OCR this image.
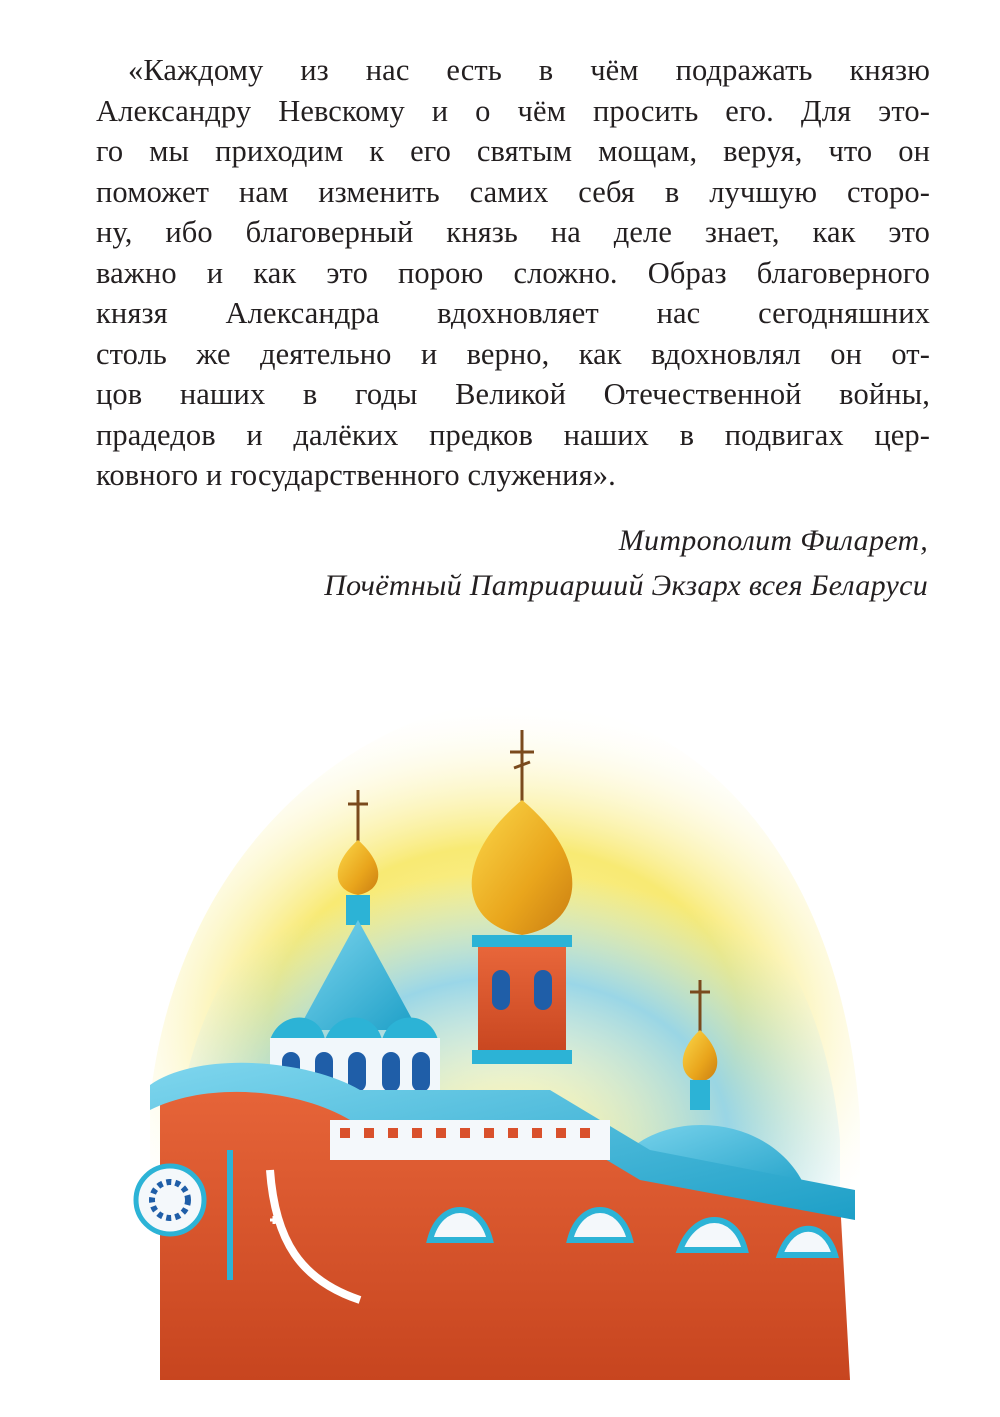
«Каждому из нас есть в чём подражать князю
Александру Невскому и о чём просить его. Для это-
го мы приходим к его святым мощам, веруя, что он
поможет нам изменить самих себя в лучшую сторо-
ну, ибо благоверный князь на деле знает, как это
важно и как это порою сложно. Образ благоверного
князя Александра вдохновляет нас сегодняшних
столь же деятельно и верно, как вдохновлял он от-
цов наших в годы Великой Отечественной войны,
прадедов и далёких предков наших в подвигах цер-
ковного и государственного служения».
Митрополит Филарет,
Почётный Патриарший Экзарх всея Беларуси
